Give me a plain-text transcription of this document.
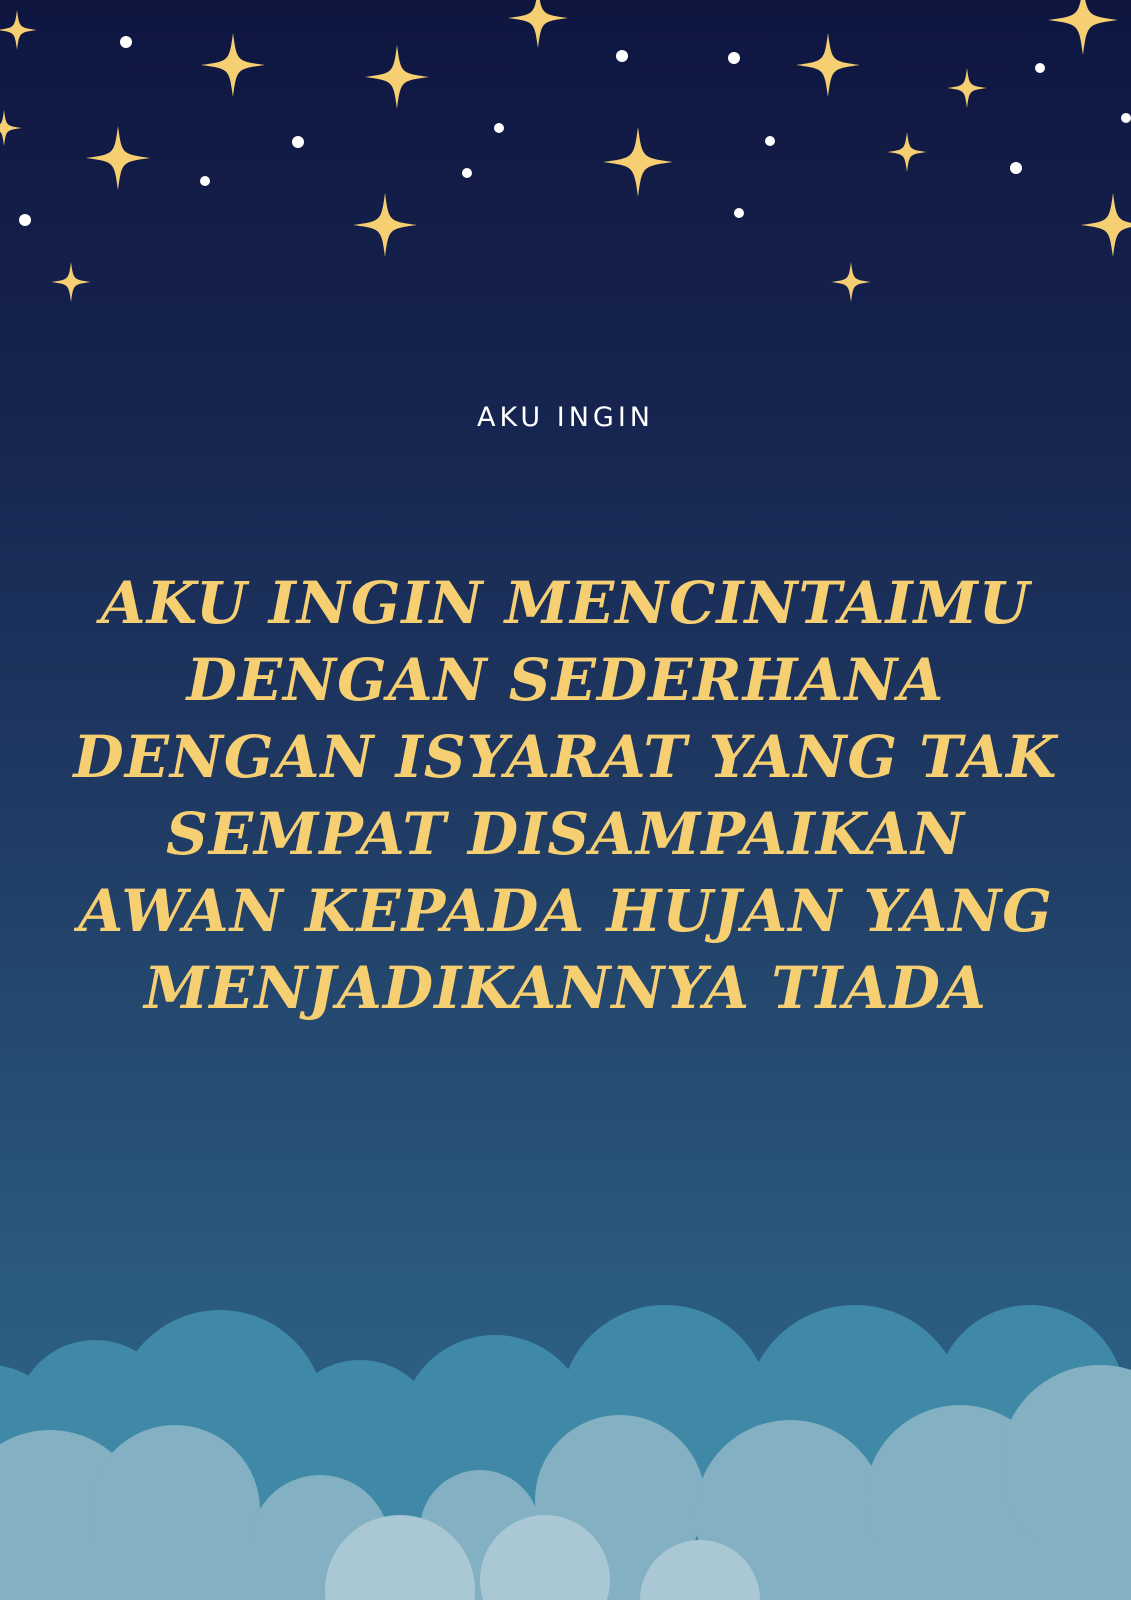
AKU INGIN

AKU INGIN MENCINTAIMU
DENGAN SEDERHANA
DENGAN ISYARAT YANG TAK
SEMPAT DISAMPAIKAN
AWAN KEPADA HUJAN YANG
MENJADIKANNYA TIADA
